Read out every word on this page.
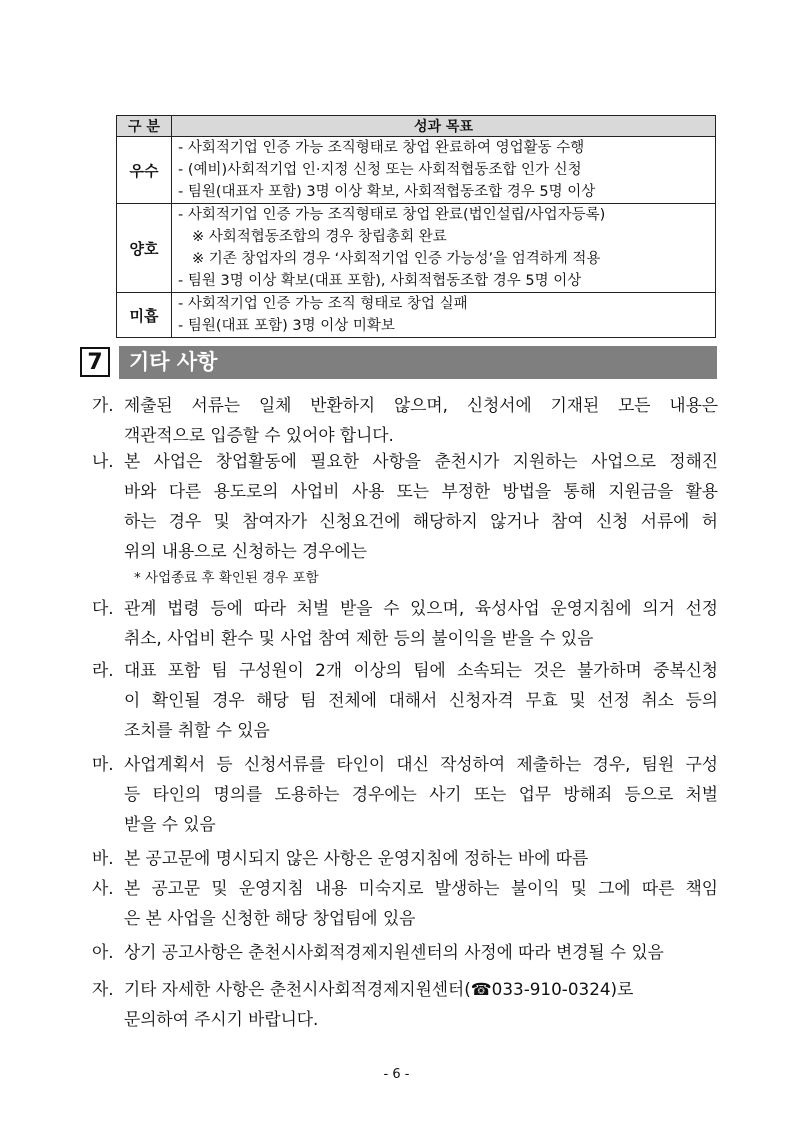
구 분	성과 목표
우수	- 사회적기업 인증 가능 조직형태로 창업 완료하여 영업활동 수행
- (예비)사회적기업 인·지정 신청 또는 사회적협동조합 인가 신청
- 팀원(대표자 포함) 3명 이상 확보, 사회적협동조합 경우 5명 이상

양호	- 사회적기업 인증 가능 조직형태로 창업 완료(법인설립/사업자등록)
※ 사회적협동조합의 경우 창립총회 완료
※ 기존 창업자의 경우 ‘사회적기업 인증 가능성’을 엄격하게 적용
- 팀원 3명 이상 확보(대표 포함), 사회적협동조합 경우 5명 이상

미흡	- 사회적기업 인증 가능 조직 형태로 창업 실패
- 팀원(대표 포함) 3명 이상 미확보
7	기타 사항
가. 제출된 서류는 일체 반환하지 않으며, 신청서에 기재된 모든 내용은
객관적으로 입증할 수 있어야 합니다.
나. 본 사업은 창업활동에 필요한 사항을 춘천시가 지원하는 사업으로 정해진
바와 다른 용도로의 사업비 사용 또는 부정한 방법을 통해 지원금을 활용
하는 경우 및 참여자가 신청요건에 해당하지 않거나 참여 신청 서류에 허
위의 내용으로 신청하는 경우에는
* 사업종료 후 확인된 경우 포함
다. 관계 법령 등에 따라 처벌 받을 수 있으며, 육성사업 운영지침에 의거 선정
취소, 사업비 환수 및 사업 참여 제한 등의 불이익을 받을 수 있음
라. 대표 포함 팀 구성원이 2개 이상의 팀에 소속되는 것은 불가하며 중복신청
이 확인될 경우 해당 팀 전체에 대해서 신청자격 무효 및 선정 취소 등의
조치를 취할 수 있음
마. 사업계획서 등 신청서류를 타인이 대신 작성하여 제출하는 경우, 팀원 구성
등 타인의 명의를 도용하는 경우에는 사기 또는 업무 방해죄 등으로 처벌
받을 수 있음
바. 본 공고문에 명시되지 않은 사항은 운영지침에 정하는 바에 따름
사. 본 공고문 및 운영지침 내용 미숙지로 발생하는 불이익 및 그에 따른 책임
은 본 사업을 신청한 해당 창업팀에 있음
아. 상기 공고사항은 춘천시사회적경제지원센터의 사정에 따라 변경될 수 있음
자. 기타 자세한 사항은 춘천시사회적경제지원센터(☎033-910-0324)로
문의하여 주시기 바랍니다.
- 6 -
